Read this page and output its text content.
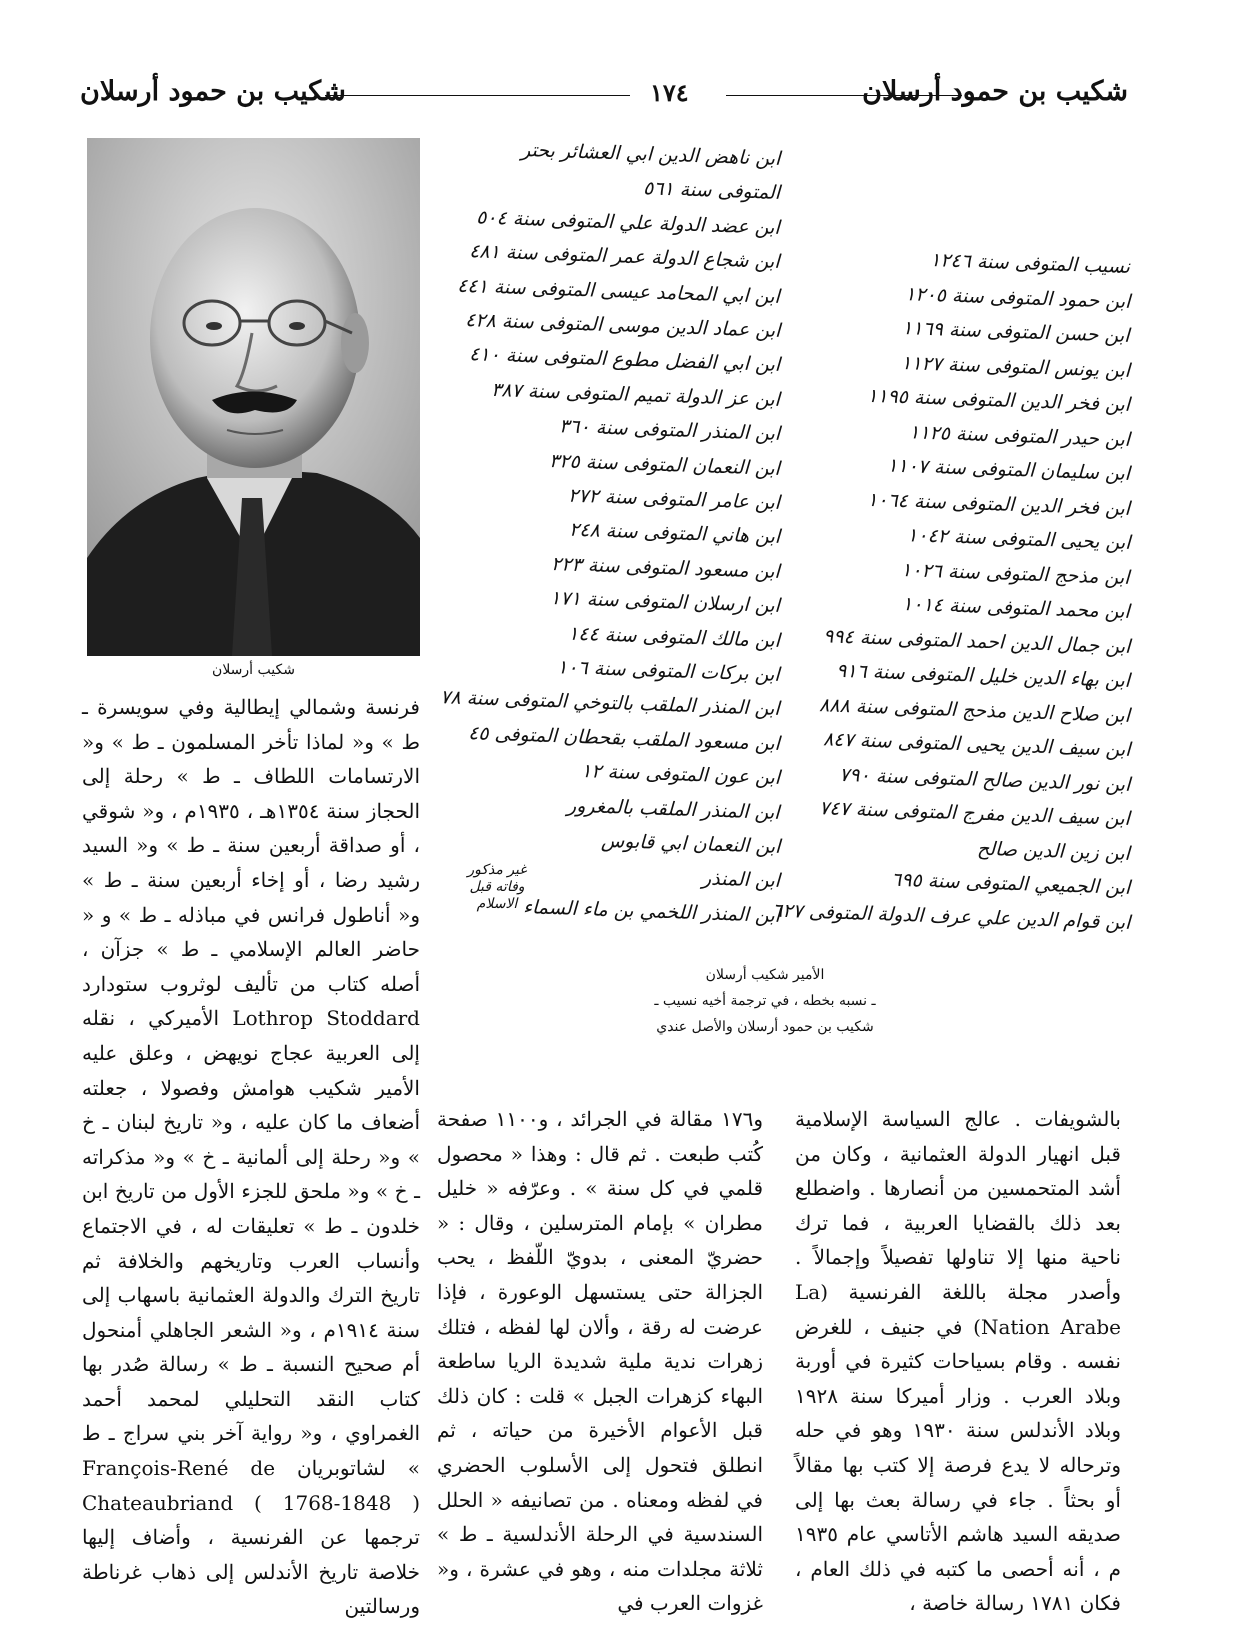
شكيب بن حمود أرسلان
١٧٤
شكيب بن حمود أرسلان
شكيب أرسلان
نسيب المتوفى سنة ١٢٤٦
ابن حمود المتوفى سنة ١٢٠٥
ابن حسن المتوفى سنة ١١٦٩
ابن يونس المتوفى سنة ١١٢٧
ابن فخر الدين المتوفى سنة ١١٩٥
ابن حيدر المتوفى سنة ١١٢٥
ابن سليمان المتوفى سنة ١١٠٧
ابن فخر الدين المتوفى سنة ١٠٦٤
ابن يحيى المتوفى سنة ١٠٤٢
ابن مذحج المتوفى سنة ١٠٢٦
ابن محمد المتوفى سنة ١٠١٤
ابن جمال الدين احمد المتوفى سنة ٩٩٤
ابن بهاء الدين خليل المتوفى سنة ٩١٦
ابن صلاح الدين مذحج المتوفى سنة ٨٨٨
ابن سيف الدين يحيى المتوفى سنة ٨٤٧
ابن نور الدين صالح المتوفى سنة ٧٩٠
ابن سيف الدين مفرج المتوفى سنة ٧٤٧
ابن زين الدين صالح
ابن الجميعي المتوفى سنة ٦٩٥
ابن قوام الدين علي عرف الدولة المتوفى ٦٢٧
ابن ناهض الدين ابي العشائر بحتر
المتوفى سنة ٥٦١
ابن عضد الدولة علي المتوفى سنة ٥٠٤
ابن شجاع الدولة عمر المتوفى سنة ٤٨١
ابن ابي المحامد عيسى المتوفى سنة ٤٤١
ابن عماد الدين موسى المتوفى سنة ٤٢٨
ابن ابي الفضل مطوع المتوفى سنة ٤١٠
ابن عز الدولة تميم المتوفى سنة ٣٨٧
ابن المنذر المتوفى سنة ٣٦٠
ابن النعمان المتوفى سنة ٣٢٥
ابن عامر المتوفى سنة ٢٧٢
ابن هاني المتوفى سنة ٢٤٨
ابن مسعود المتوفى سنة ٢٢٣
ابن ارسلان المتوفى سنة ١٧١
ابن مالك المتوفى سنة ١٤٤
ابن بركات المتوفى سنة ١٠٦
ابن المنذر الملقب بالتوخي المتوفى سنة ٧٨
ابن مسعود الملقب بقحطان المتوفى ٤٥
ابن عون المتوفى سنة ١٢
ابن المنذر الملقب بالمغرور
ابن النعمان ابي قابوس
ابن المنذر
ابن المنذر اللخمي بن ماء السماء
غير مذكور وفاته قبل الاسلام
الأمير شكيب أرسلان
ـ نسبه بخطه ، في ترجمة أخيه نسيب ـ
شكيب بن حمود أرسلان والأصل عندي

فرنسة وشمالي إيطالية وفي سويسرة ـ ط » و« لماذا تأخر المسلمون ـ ط » و« الارتسامات اللطاف ـ ط » رحلة إلى الحجاز سنة ١٣٥٤هـ ، ١٩٣٥م ، و« شوقي ، أو صداقة أربعين سنة ـ ط » و« السيد رشيد رضا ، أو إخاء أربعين سنة ـ ط » و« أناطول فرانس في مباذله ـ ط » و « حاضر العالم الإسلامي ـ ط » جزآن ، أصله كتاب من تأليف لوثروب ستودارد Lothrop Stoddard الأميركي ، نقله إلى العربية عجاج نويهض ، وعلق عليه الأمير شكيب هوامش وفصولا ، جعلته أضعاف ما كان عليه ، و« تاريخ لبنان ـ خ » و« رحلة إلى ألمانية ـ خ » و« مذكراته ـ خ » و« ملحق للجزء الأول من تاريخ ابن خلدون ـ ط » تعليقات له ، في الاجتماع وأنساب العرب وتاريخهم والخلافة ثم تاريخ الترك والدولة العثمانية باسهاب إلى سنة ١٩١٤م ، و« الشعر الجاهلي أمنحول أم صحيح النسبة ـ ط » رسالة صُدر بها كتاب النقد التحليلي لمحمد أحمد الغمراوي ، و« رواية آخر بني سراج ـ ط » لشاتوبريان François-René de Chateaubriand ( 1768-1848 ) ترجمها عن الفرنسية ، وأضاف إليها خلاصة تاريخ الأندلس إلى ذهاب غرناطة ورسالتين

و١٧٦ مقالة في الجرائد ، و١١٠٠ صفحة كُتب طبعت . ثم قال : وهذا « محصول قلمي في كل سنة » . وعرّفه « خليل مطران » بإمام المترسلين ، وقال : « حضريّ المعنى ، بدويّ اللّفظ ، يحب الجزالة حتى يستسهل الوعورة ، فإذا عرضت له رقة ، وألان لها لفظه ، فتلك زهرات ندية ملية شديدة الريا ساطعة البهاء كزهرات الجبل » قلت : كان ذلك قبل الأعوام الأخيرة من حياته ، ثم انطلق فتحول إلى الأسلوب الحضري في لفظه ومعناه . من تصانيفه « الحلل السندسية في الرحلة الأندلسية ـ ط » ثلاثة مجلدات منه ، وهو في عشرة ، و« غزوات العرب في

بالشويفات . عالج السياسة الإسلامية قبل انهيار الدولة العثمانية ، وكان من أشد المتحمسين من أنصارها . واضطلع بعد ذلك بالقضايا العربية ، فما ترك ناحية منها إلا تناولها تفصيلاً وإجمالاً . وأصدر مجلة باللغة الفرنسية (La Nation Arabe) في جنيف ، للغرض نفسه . وقام بسياحات كثيرة في أوربة وبلاد العرب . وزار أميركا سنة ١٩٢٨ وبلاد الأندلس سنة ١٩٣٠ وهو في حله وترحاله لا يدع فرصة إلا كتب بها مقالاً أو بحثاً . جاء في رسالة بعث بها إلى صديقه السيد هاشم الأتاسي عام ١٩٣٥ م ، أنه أحصى ما كتبه في ذلك العام ، فكان ١٧٨١ رسالة خاصة ،
